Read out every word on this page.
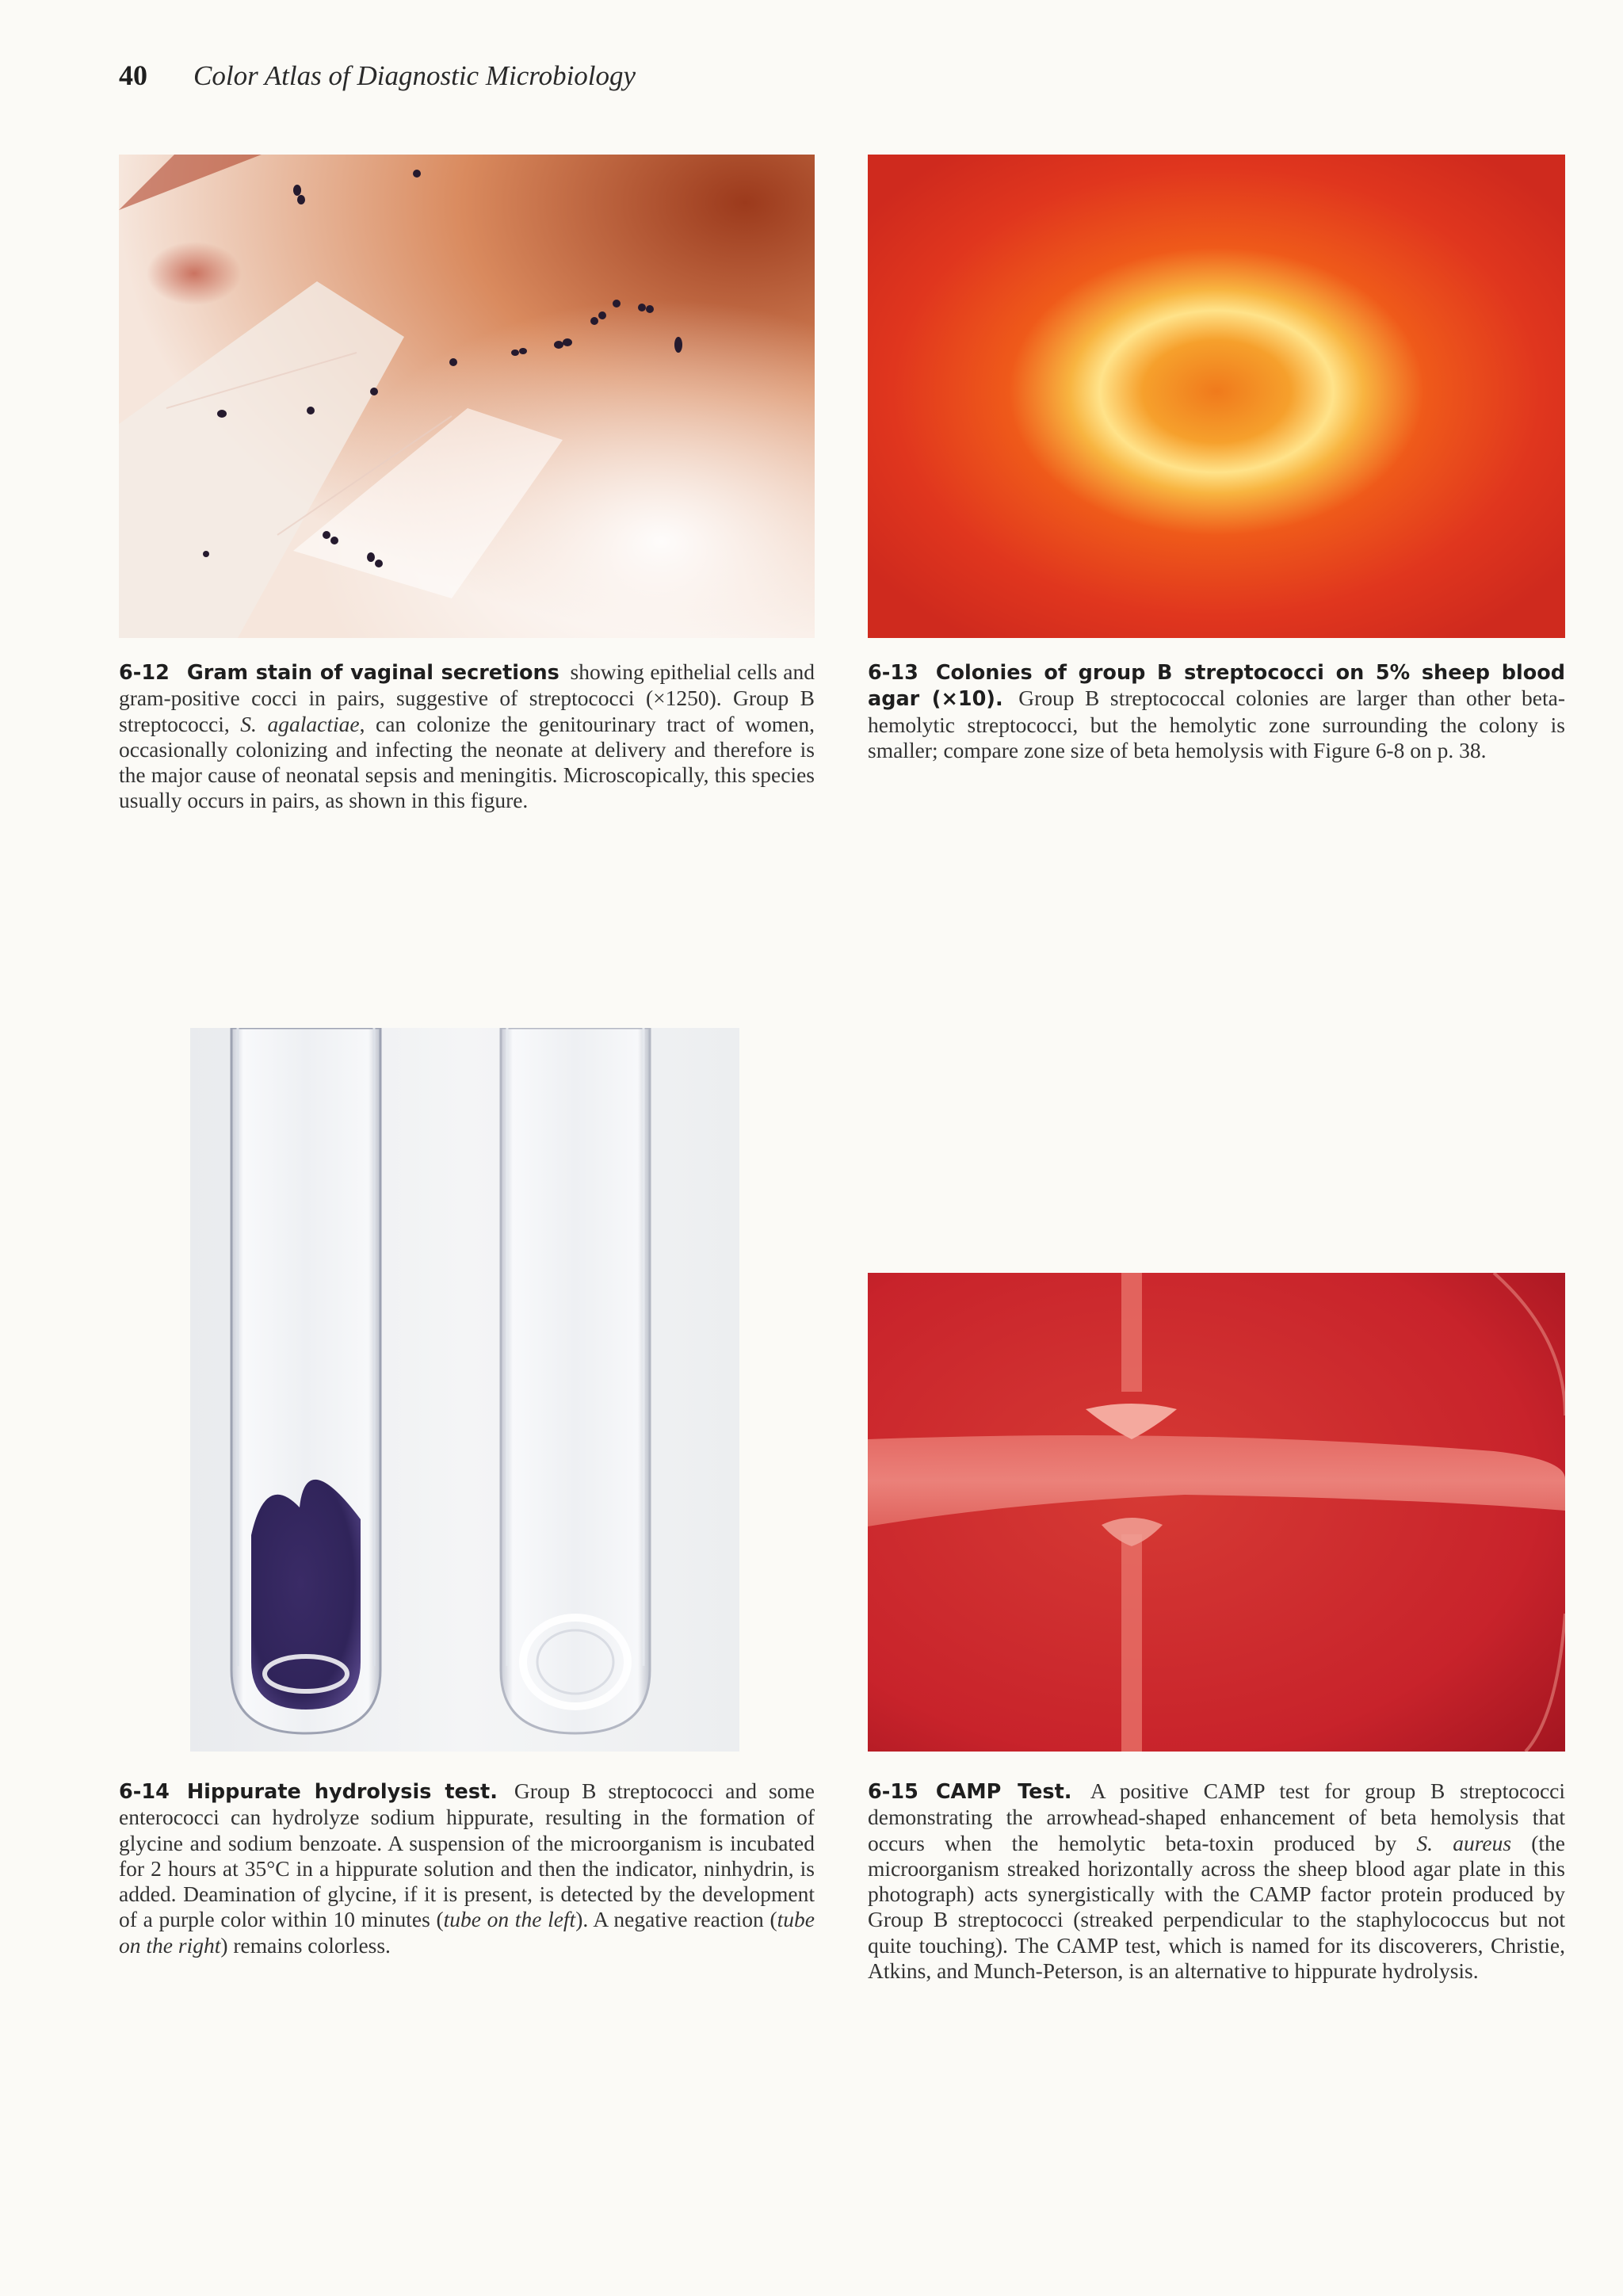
40 Color Atlas of Diagnostic Microbiology
6-12 Gram stain of vaginal secretions showing epithelial cells and gram-positive cocci in pairs, suggestive of streptococci (×1250). Group B streptococci, S. agalactiae, can colonize the genitourinary tract of women, occasionally colonizing and infecting the neonate at delivery and therefore is the major cause of neonatal sepsis and meningitis. Microscopically, this species usually occurs in pairs, as shown in this figure.
6-13 Colonies of group B streptococci on 5% sheep blood agar (×10). Group B streptococcal colonies are larger than other beta-hemolytic streptococci, but the hemolytic zone surrounding the colony is smaller; compare zone size of beta hemolysis with Figure 6-8 on p. 38.
6-14 Hippurate hydrolysis test. Group B streptococci and some enterococci can hydrolyze sodium hippurate, resulting in the formation of glycine and sodium benzoate. A suspension of the microorganism is incubated for 2 hours at 35°C in a hippurate solution and then the indicator, ninhydrin, is added. Deamination of glycine, if it is present, is detected by the development of a purple color within 10 minutes (tube on the left). A negative reaction (tube on the right) remains colorless.
6-15 CAMP Test. A positive CAMP test for group B streptococci demonstrating the arrowhead-shaped enhancement of beta hemolysis that occurs when the hemolytic beta-toxin produced by S. aureus (the microorganism streaked horizontally across the sheep blood agar plate in this photograph) acts synergistically with the CAMP factor protein produced by Group B streptococci (streaked perpendicular to the staphylococcus but not quite touching). The CAMP test, which is named for its discoverers, Christie, Atkins, and Munch-Peterson, is an alternative to hippurate hydrolysis.
